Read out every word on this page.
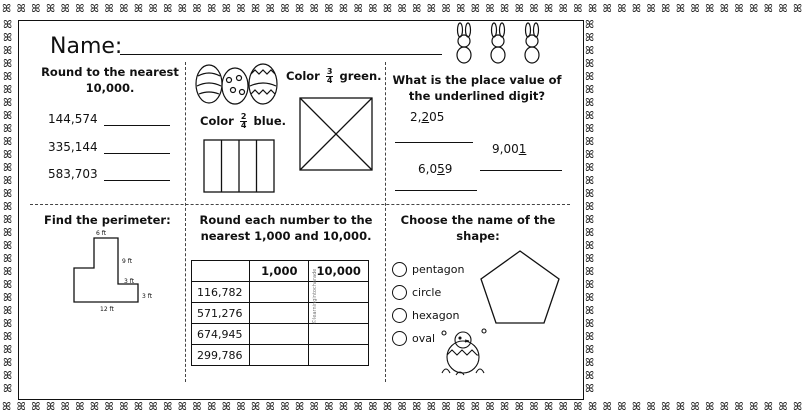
ꕤ ꕤ ꕤ ꕤ ꕤ ꕤ ꕤ ꕤ ꕤ ꕤ ꕤ ꕤ ꕤ ꕤ ꕤ ꕤ ꕤ ꕤ ꕤ ꕤ ꕤ ꕤ ꕤ ꕤ ꕤ ꕤ ꕤ ꕤ ꕤ ꕤ ꕤ ꕤ ꕤ ꕤ ꕤ ꕤ ꕤ ꕤ ꕤ ꕤ ꕤ ꕤ ꕤ ꕤ ꕤ ꕤ ꕤ ꕤ ꕤ ꕤ ꕤ ꕤ ꕤ ꕤ ꕤ
ꕤ ꕤ ꕤ ꕤ ꕤ ꕤ ꕤ ꕤ ꕤ ꕤ ꕤ ꕤ ꕤ ꕤ ꕤ ꕤ ꕤ ꕤ ꕤ ꕤ ꕤ ꕤ ꕤ ꕤ ꕤ ꕤ ꕤ ꕤ ꕤ ꕤ ꕤ ꕤ ꕤ ꕤ ꕤ ꕤ ꕤ ꕤ ꕤ ꕤ ꕤ ꕤ ꕤ ꕤ ꕤ ꕤ ꕤ ꕤ ꕤ ꕤ ꕤ ꕤ ꕤ ꕤ ꕤ
ꕤ ꕤ ꕤ ꕤ ꕤ ꕤ ꕤ ꕤ ꕤ ꕤ ꕤ ꕤ ꕤ ꕤ ꕤ ꕤ ꕤ ꕤ ꕤ ꕤ ꕤ ꕤ ꕤ ꕤ ꕤ ꕤ ꕤ ꕤ ꕤ
ꕤ ꕤ ꕤ ꕤ ꕤ ꕤ ꕤ ꕤ ꕤ ꕤ ꕤ ꕤ ꕤ ꕤ ꕤ ꕤ ꕤ ꕤ ꕤ ꕤ ꕤ ꕤ ꕤ ꕤ ꕤ ꕤ ꕤ ꕤ ꕤ
Name:
Round to the nearest 10,000.
144,574
335,144
583,703
Color $\frac{3}{4}$ green.
Color $\frac{2}{4}$ blue.
What is the place value of the underlined digit?
2,205
9,001
6,059
Find the perimeter:
6 ft
9 ft
3 ft
3 ft
12 ft
Round each number to the nearest 1,000 and 10,000.
	1,000	10,000
116,782		
571,276		
674,945		
299,786		
©learningintocharade
Choose the name of the shape:
pentagon
circle
hexagon
oval
